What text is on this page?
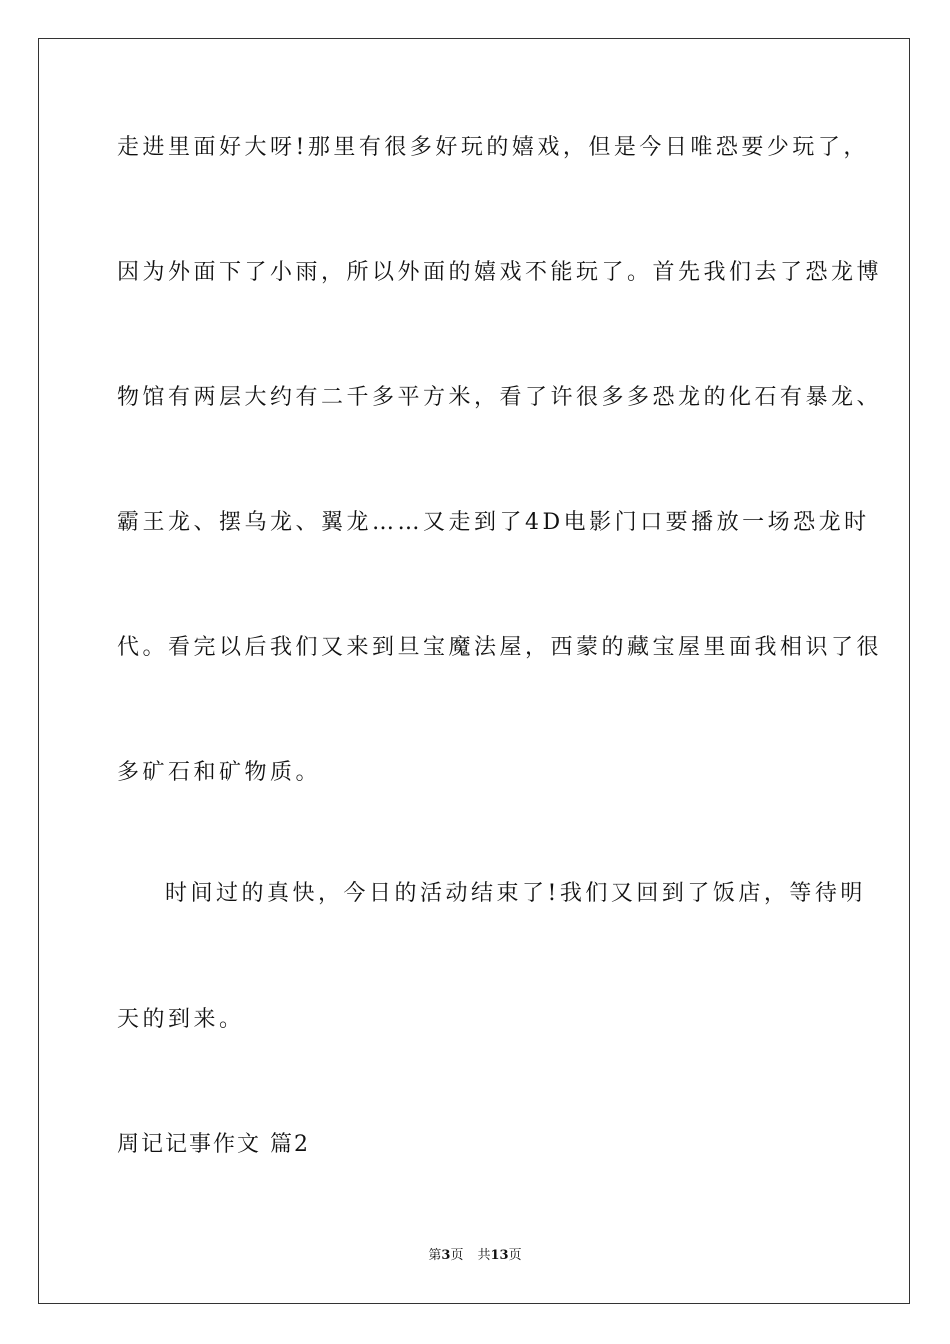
走进里面好大呀!那里有很多好玩的嬉戏，但是今日唯恐要少玩了，
因为外面下了小雨，所以外面的嬉戏不能玩了。首先我们去了恐龙博
物馆有两层大约有二千多平方米，看了许很多多恐龙的化石有暴龙、
霸王龙、摆乌龙、翼龙……又走到了4D电影门口要播放一场恐龙时
代。看完以后我们又来到旦宝魔法屋，西蒙的藏宝屋里面我相识了很
多矿石和矿物质。
时间过的真快，今日的活动结束了!我们又回到了饭店，等待明
天的到来。
周记记事作文 篇2
第3页 共13页
